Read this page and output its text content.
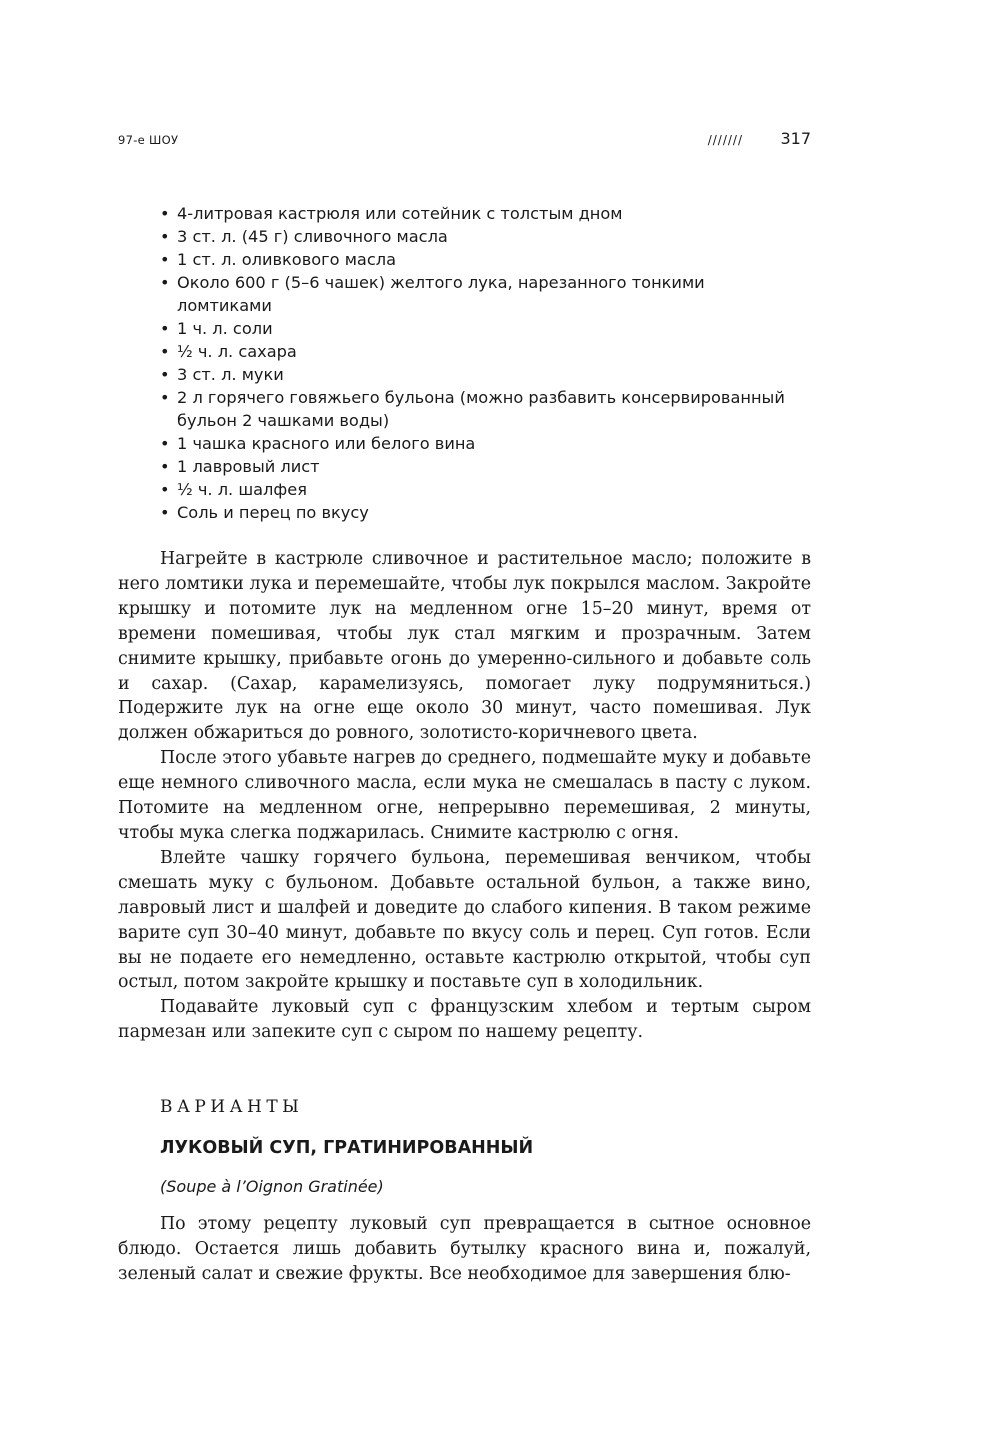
97-е ШОУ	/////// 317
• 4-литровая кастрюля или сотейник с толстым дном
• 3 ст. л. (45 г) сливочного масла
• 1 ст. л. оливкового масла
• Около 600 г (5–6 чашек) желтого лука, нарезанного тонкими ломтиками
• 1 ч. л. соли
• ½ ч. л. сахара
• 3 ст. л. муки
• 2 л горячего говяжьего бульона (можно разбавить консервированный бульон 2 чашками воды)
• 1 чашка красного или белого вина
• 1 лавровый лист
• ½ ч. л. шалфея
• Соль и перец по вкусу

Нагрейте в кастрюле сливочное и растительное масло; положите в него ломтики лука и перемешайте, чтобы лук покрылся маслом. Закройте крышку и потомите лук на медленном огне 15–20 минут, время от времени помешивая, чтобы лук стал мягким и прозрачным. Затем снимите крышку, прибавьте огонь до умеренно-сильного и добавьте соль и сахар. (Сахар, карамелизуясь, помогает луку подрумяниться.) Подержите лук на огне еще около 30 минут, часто помешивая. Лук должен обжариться до ровного, золотисто-коричневого цвета.

После этого убавьте нагрев до среднего, подмешайте муку и добавьте еще немного сливочного масла, если мука не смешалась в пасту с луком. Потомите на медленном огне, непрерывно перемешивая, 2 минуты, чтобы мука слегка поджарилась. Снимите кастрюлю с огня.

Влейте чашку горячего бульона, перемешивая венчиком, чтобы смешать муку с бульоном. Добавьте остальной бульон, а также вино, лавровый лист и шалфей и доведите до слабого кипения. В таком режиме варите суп 30–40 минут, добавьте по вкусу соль и перец. Суп готов. Если вы не подаете его немедленно, оставьте кастрюлю открытой, чтобы суп остыл, потом закройте крышку и поставьте суп в холодильник.

Подавайте луковый суп с французским хлебом и тертым сыром пармезан или запеките суп с сыром по нашему рецепту.

ВАРИАНТЫ
ЛУКОВЫЙ СУП, ГРАТИНИРОВАННЫЙ
(Soupe à l’Oignon Gratinée)

По этому рецепту луковый суп превращается в сытное основное блюдо. Остается лишь добавить бутылку красного вина и, пожалуй, зеленый салат и свежие фрукты. Все необходимое для завершения блю-
